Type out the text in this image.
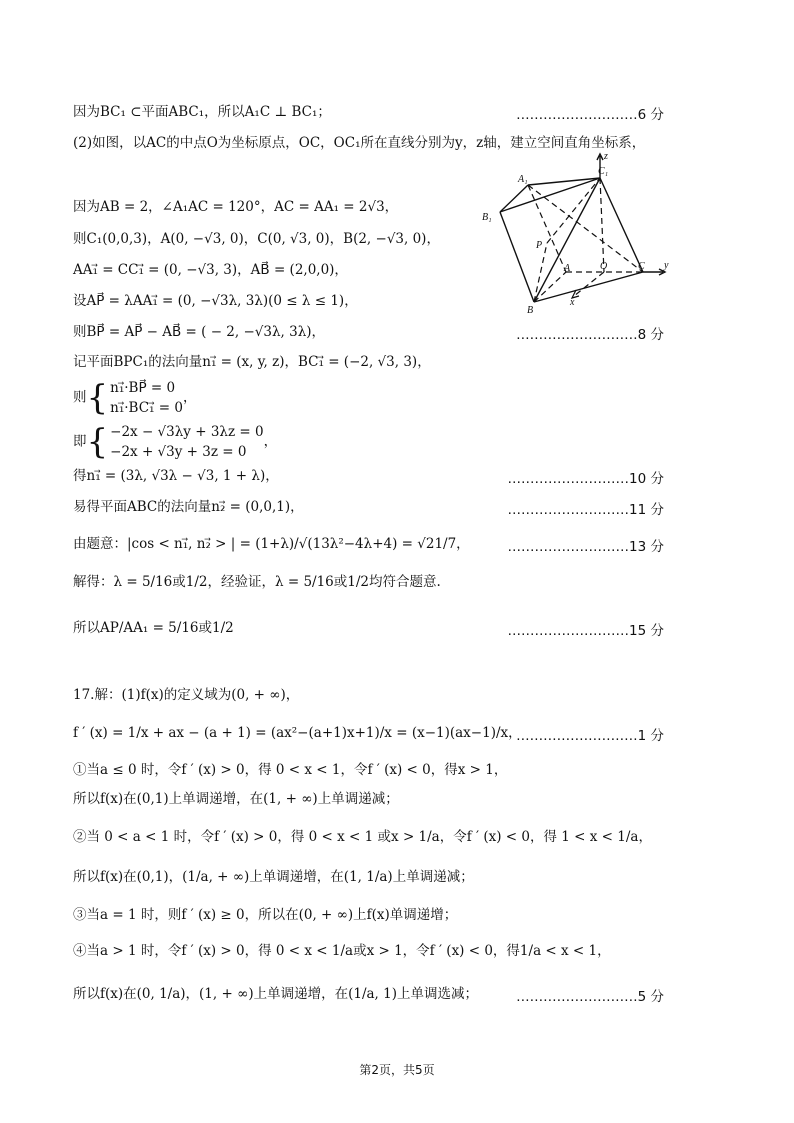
因为BC₁ ⊂平面ABC₁，所以A₁C ⊥ BC₁；	………………………6 分
(2)如图，以AC的中点O为坐标原点，OC，OC₁所在直线分别为y，z轴，建立空间直角坐标系，
因为AB = 2，∠A₁AC = 120°，AC = AA₁ = 2√3，
则C₁(0,0,3)，A(0, −√3, 0)，C(0, √3, 0)，B(2, −√3, 0)，
AA₁⃗ = CC₁⃗ = (0, −√3, 3)，AB⃗ = (2,0,0)，
设AP⃗ = λAA₁⃗ = (0, −√3λ, 3λ)(0 ≤ λ ≤ 1)，
则BP⃗ = AP⃗ − AB⃗ = ( − 2, −√3λ, 3λ)，	………………………8 分
记平面BPC₁的法向量n₁⃗ = (x, y, z)，BC₁⃗ = (−2, √3, 3)，
则{ n₁⃗·BP⃗ = 0
n₁⃗·BC₁⃗ = 0
，
即{ −2x − √3λy + 3λz = 0
−2x + √3y + 3z = 0
，
得n₁⃗ = (3λ, √3λ − √3, 1 + λ)，	………………………10 分
易得平面ABC的法向量n₂⃗ = (0,0,1)，	………………………11 分
由题意：|cos < n₁⃗, n₂⃗ > | = (1+λ)/√(13λ²−4λ+4) = √21/7，	………………………13 分
解得：λ = 5/16或1/2，经验证，λ = 5/16或1/2均符合题意.
所以AP/AA₁ = 5/16或1/2	………………………15 分
17.解：(1)f(x)的定义域为(0, + ∞)，
f ′ (x) = 1/x + ax − (a + 1) = (ax²−(a+1)x+1)/x = (x−1)(ax−1)/x，
………………………1 分
①当a ≤ 0 时，令f ′ (x) > 0，得 0 < x < 1，令f ′ (x) < 0，得x > 1，
所以f(x)在(0,1)上单调递增，在(1, + ∞)上单调递减；
②当 0 < a < 1 时，令f ′ (x) > 0，得 0 < x < 1 或x > 1/a，令f ′ (x) < 0，得 1 < x < 1/a，
所以f(x)在(0,1)，(1/a, + ∞)上单调递增，在(1, 1/a)上单调递减；
③当a = 1 时，则f ′ (x) ≥ 0，所以在(0, + ∞)上f(x)单调递增；
④当a > 1 时，令f ′ (x) > 0，得 0 < x < 1/a或x > 1，令f ′ (x) < 0，得1/a < x < 1，
所以f(x)在(0, 1/a)，(1, + ∞)上单调递增，在(1/a, 1)上单调选减；	………………………5 分
z
A₁
C₁
B₁
P
A	O	C y
B
x
第2页，共5页
